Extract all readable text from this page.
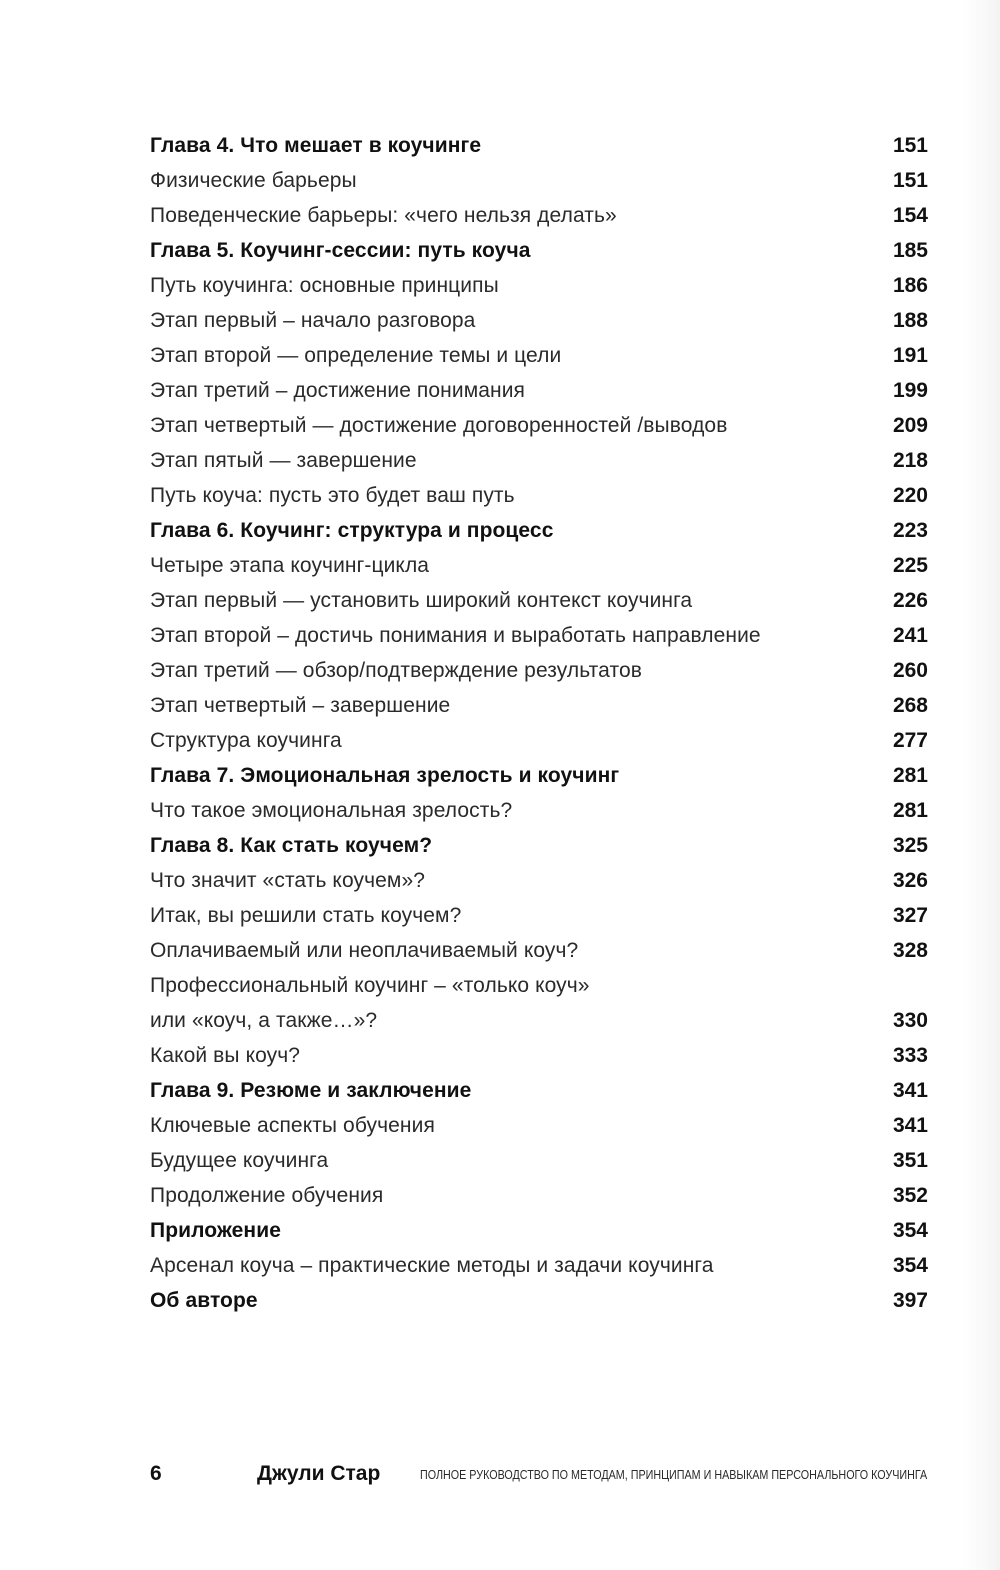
Глава 4. Что мешает в коучинге	151
Физические барьеры	151
Поведенческие барьеры: «чего нельзя делать»	154
Глава 5. Коучинг-сессии: путь коуча	185
Путь коучинга: основные принципы	186
Этап первый – начало разговора	188
Этап второй — определение темы и цели	191
Этап третий – достижение понимания	199
Этап четвертый — достижение договоренностей /выводов	209
Этап пятый — завершение	218
Путь коуча: пусть это будет ваш путь	220
Глава 6. Коучинг: структура и процесс	223
Четыре этапа коучинг-цикла	225
Этап первый — установить широкий контекст коучинга	226
Этап второй – достичь понимания и выработать направление	241
Этап третий — обзор/подтверждение результатов	260
Этап четвертый – завершение	268
Структура коучинга	277
Глава 7. Эмоциональная зрелость и коучинг	281
Что такое эмоциональная зрелость?	281
Глава 8. Как стать коучем?	325
Что значит «стать коучем»?	326
Итак, вы решили стать коучем?	327
Оплачиваемый или неоплачиваемый коуч?	328
Профессиональный коучинг – «только коуч»
или «коуч, а также…»?	330
Какой вы коуч?	333
Глава 9. Резюме и заключение	341
Ключевые аспекты обучения	341
Будущее коучинга	351
Продолжение обучения	352
Приложение	354
Арсенал коуча – практические методы и задачи коучинга	354
Об авторе	397
6	Джули Стар	ПОЛНОЕ РУКОВОДСТВО ПО МЕТОДАМ, ПРИНЦИПАМ И НАВЫКАМ ПЕРСОНАЛЬНОГО КОУЧИНГА
